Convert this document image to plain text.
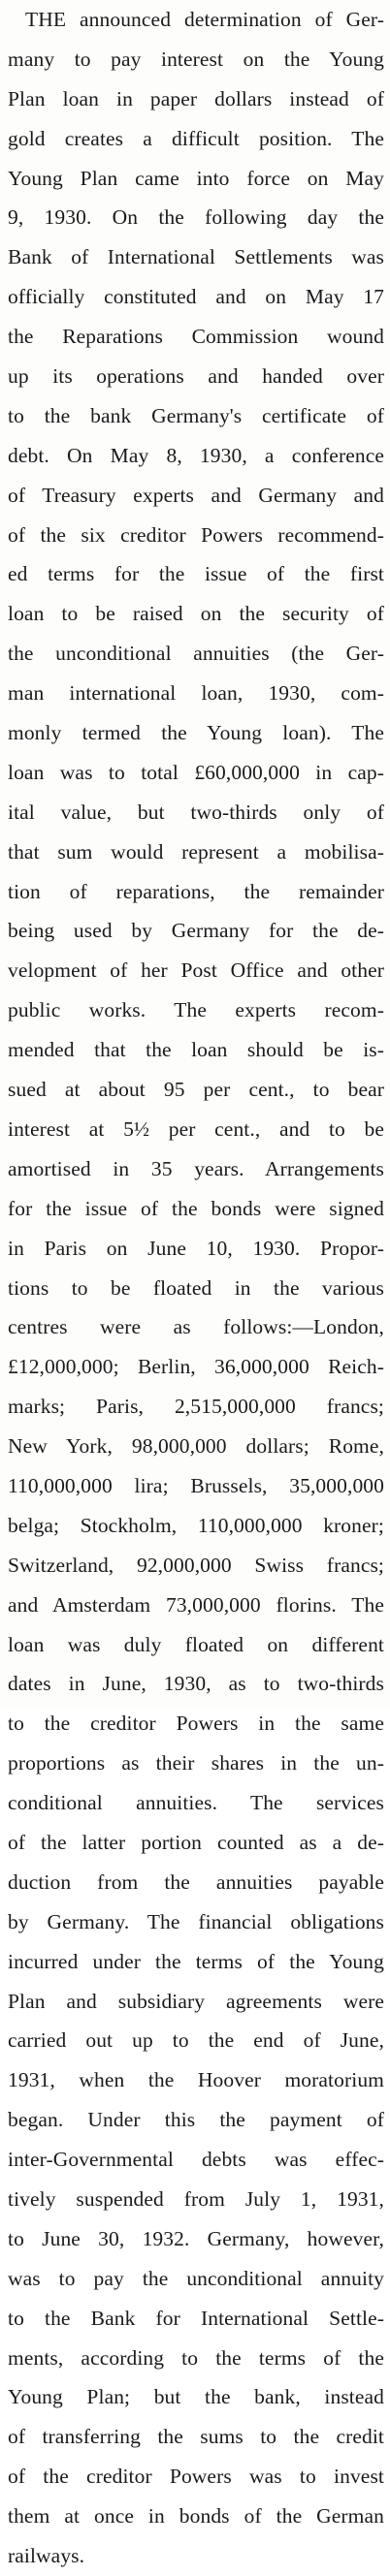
THE announced determination of Ger-
many to pay interest on the Young
Plan loan in paper dollars instead of
gold creates a difficult position. The
Young Plan came into force on May
9, 1930. On the following day the
Bank of International Settlements was
officially constituted and on May 17
the Reparations Commission wound
up its operations and handed over
to the bank Germany's certificate of
debt. On May 8, 1930, a conference
of Treasury experts and Germany and
of the six creditor Powers recommend-
ed terms for the issue of the first
loan to be raised on the security of
the unconditional annuities (the Ger-
man international loan, 1930, com-
monly termed the Young loan). The
loan was to total £60,000,000 in cap-
ital value, but two-thirds only of
that sum would represent a mobilisa-
tion of reparations, the remainder
being used by Germany for the de-
velopment of her Post Office and other
public works. The experts recom-
mended that the loan should be is-
sued at about 95 per cent., to bear
interest at 5½ per cent., and to be
amortised in 35 years. Arrangements
for the issue of the bonds were signed
in Paris on June 10, 1930. Propor-
tions to be floated in the various
centres were as follows:—London,
£12,000,000; Berlin, 36,000,000 Reich-
marks; Paris, 2,515,000,000 francs;
New York, 98,000,000 dollars; Rome,
110,000,000 lira; Brussels, 35,000,000
belga; Stockholm, 110,000,000 kroner;
Switzerland, 92,000,000 Swiss francs;
and Amsterdam 73,000,000 florins. The
loan was duly floated on different
dates in June, 1930, as to two-thirds
to the creditor Powers in the same
proportions as their shares in the un-
conditional annuities. The services
of the latter portion counted as a de-
duction from the annuities payable
by Germany. The financial obligations
incurred under the terms of the Young
Plan and subsidiary agreements were
carried out up to the end of June,
1931, when the Hoover moratorium
began. Under this the payment of
inter-Governmental debts was effec-
tively suspended from July 1, 1931,
to June 30, 1932. Germany, however,
was to pay the unconditional annuity
to the Bank for International Settle-
ments, according to the terms of the
Young Plan; but the bank, instead
of transferring the sums to the credit
of the creditor Powers was to invest
them at once in bonds of the German
railways.
